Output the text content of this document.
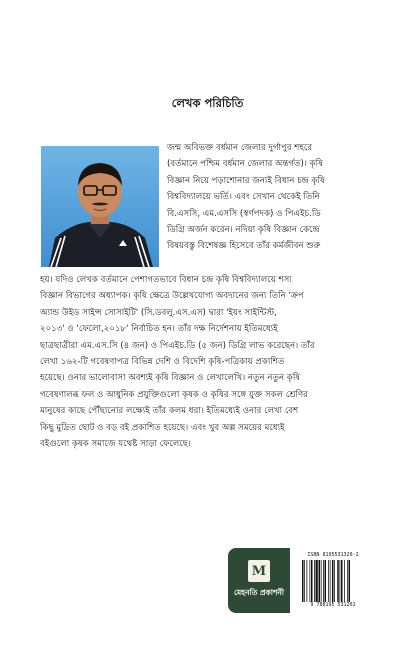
লেখক পরিচিতি
জন্ম অবিভক্ত বর্ধমান জেলার দুর্গাপুর শহরে
(বর্তমানে পশ্চিম বর্ধমান জেলার অন্তর্গত)। কৃষি
বিজ্ঞান নিয়ে পড়াশোনার জন্যই বিধান চন্দ্র কৃষি
বিশ্ববিদ্যালয়ে ভর্তি। এবং সেখান থেকেই তিনি
বি.এসসি, এম.এসসি (স্বর্ণপদক) ও পিএইচ.ডি
ডিগ্রি অর্জন করেন। নদিয়া কৃষি বিজ্ঞান কেন্দ্রে
বিষয়বস্তু বিশেষজ্ঞ হিসেবে তাঁর কর্মজীবন শুরু
হয়। যদিও লেখক বর্তমানে পেশাগতভাবে বিধান চন্দ্র কৃষি বিশ্ববিদ্যালয়ে শস্য
বিজ্ঞান বিভাগের অধ্যাপক। কৃষি ক্ষেত্রে উল্লেখযোগ্য অবদানের জন্য তিনি 'ক্রপ
অ্যান্ড উইড সাইন্স সোসাইটি' (সি.ডবলু.এস.এস) দ্বারা 'ইয়ং সাইন্টিস্ট,
২০১৩' ও 'ফেলো,২০১৮' নির্বাচিত হন। তাঁর দক্ষ নির্দেশনায় ইতিমধ্যেই
ছাত্রছাত্রীরা এম.এস.সি (৪ জন) ও পিএইচ.ডি (৫ জন) ডিগ্রি লাভ করেছেন। তাঁর
লেখা ১৬২-টি গবেষণাপত্র বিভিন্ন দেশি ও বিদেশি কৃষি-পত্রিকায় প্রকাশিত
হয়েছে। ওনার ভালোবাসা অবশ্যই কৃষি বিজ্ঞান ও লেখালেখি। নতুন নতুন কৃষি
গবেষণালব্ধ ফল ও আধুনিক প্রযুক্তিগুলো কৃষক ও কৃষির সঙ্গে যুক্ত সকল শ্রেণির
মানুষের কাছে পৌঁছানোর লক্ষ্যেই তাঁর কলম ধরা। ইতিমধ্যেই ওনার লেখা বেশ
কিছু মুদ্রিত ছোট ও বড় বই প্রকাশিত হয়েছে। এবং খুব অল্প সময়ের মধ্যেই
বইগুলো কৃষক সমাজে যথেষ্ট সাড়া ফেলেছে।
M
মেহনতি প্রকাশনী
ISBN 8195531320-2
9 788195 531202
